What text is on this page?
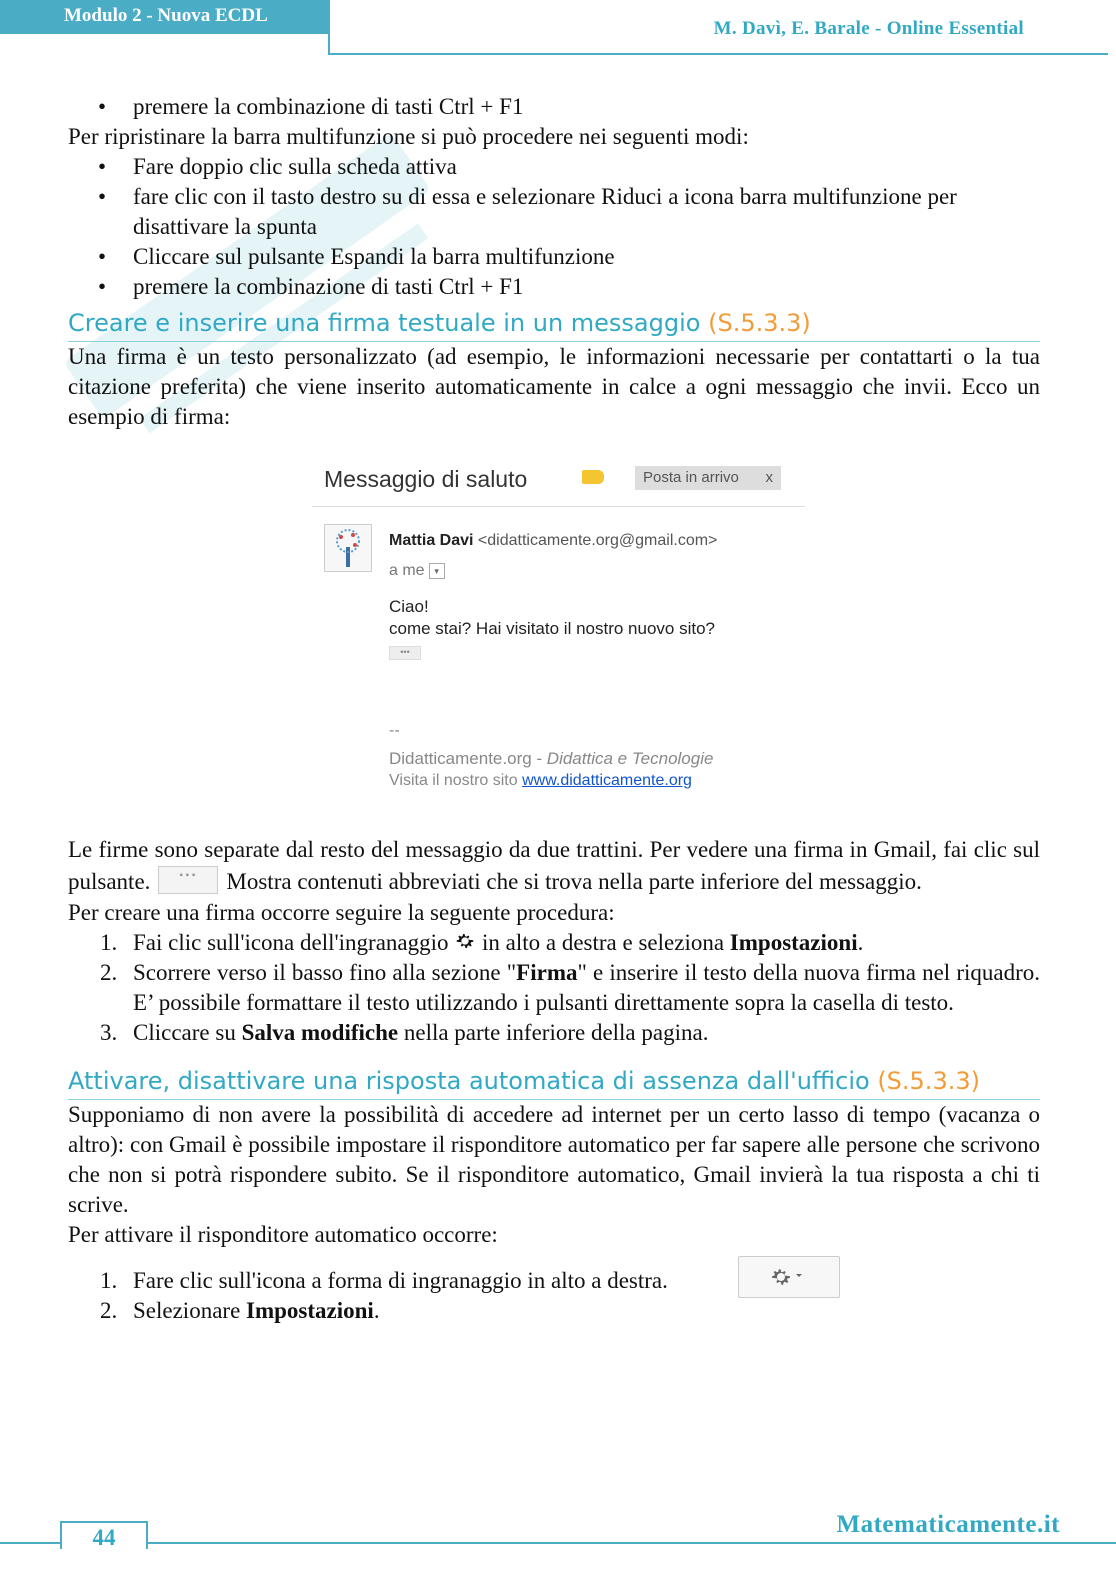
Modulo 2 - Nuova ECDL
M. Davì, E. Barale - Online Essential
• premere la combinazione di tasti Ctrl + F1

Per ripristinare la barra multifunzione si può procedere nei seguenti modi:

• Fare doppio clic sulla scheda attiva
• fare clic con il tasto destro su di essa e selezionare Riduci a icona barra multifunzione per disattivare la spunta
• Cliccare sul pulsante Espandi la barra multifunzione
• premere la combinazione di tasti Ctrl + F1
Creare e inserire una firma testuale in un messaggio (S.5.3.3)

Una firma è un testo personalizzato (ad esempio, le informazioni necessarie per contattarti o la tua citazione preferita) che viene inserito automaticamente in calce a ogni messaggio che invii. Ecco un esempio di firma:

Messaggio di saluto	Posta in arrivo x
Mattia Davi <didatticamente.org@gmail.com>
a me ▾
Ciao!
come stai? Hai visitato il nostro nuovo sito?
•••
--
Didatticamente.org - Didattica e Tecnologie
Visita il nostro sito www.didatticamente.org

Le firme sono separate dal resto del messaggio da due trattini. Per vedere una firma in Gmail, fai clic sul pulsante. ••• Mostra contenuti abbreviati che si trova nella parte inferiore del messaggio.

Per creare una firma occorre seguire la seguente procedura:

1. Fai clic sull'icona dell'ingranaggio  in alto a destra e seleziona Impostazioni.
2. Scorrere verso il basso fino alla sezione "Firma" e inserire il testo della nuova firma nel riquadro. E’ possibile formattare il testo utilizzando i pulsanti direttamente sopra la casella di testo.
3. Cliccare su Salva modifiche nella parte inferiore della pagina.
Attivare, disattivare una risposta automatica di assenza dall'ufficio (S.5.3.3)

Supponiamo di non avere la possibilità di accedere ad internet per un certo lasso di tempo (vacanza o altro): con Gmail è possibile impostare il risponditore automatico per far sapere alle persone che scrivono che non si potrà rispondere subito. Se il risponditore automatico, Gmail invierà la tua risposta a chi ti scrive.

Per attivare il risponditore automatico occorre:

1. Fare clic sull'icona a forma di ingranaggio in alto a destra.
2. Selezionare Impostazioni.
44	Matematicamente.it
